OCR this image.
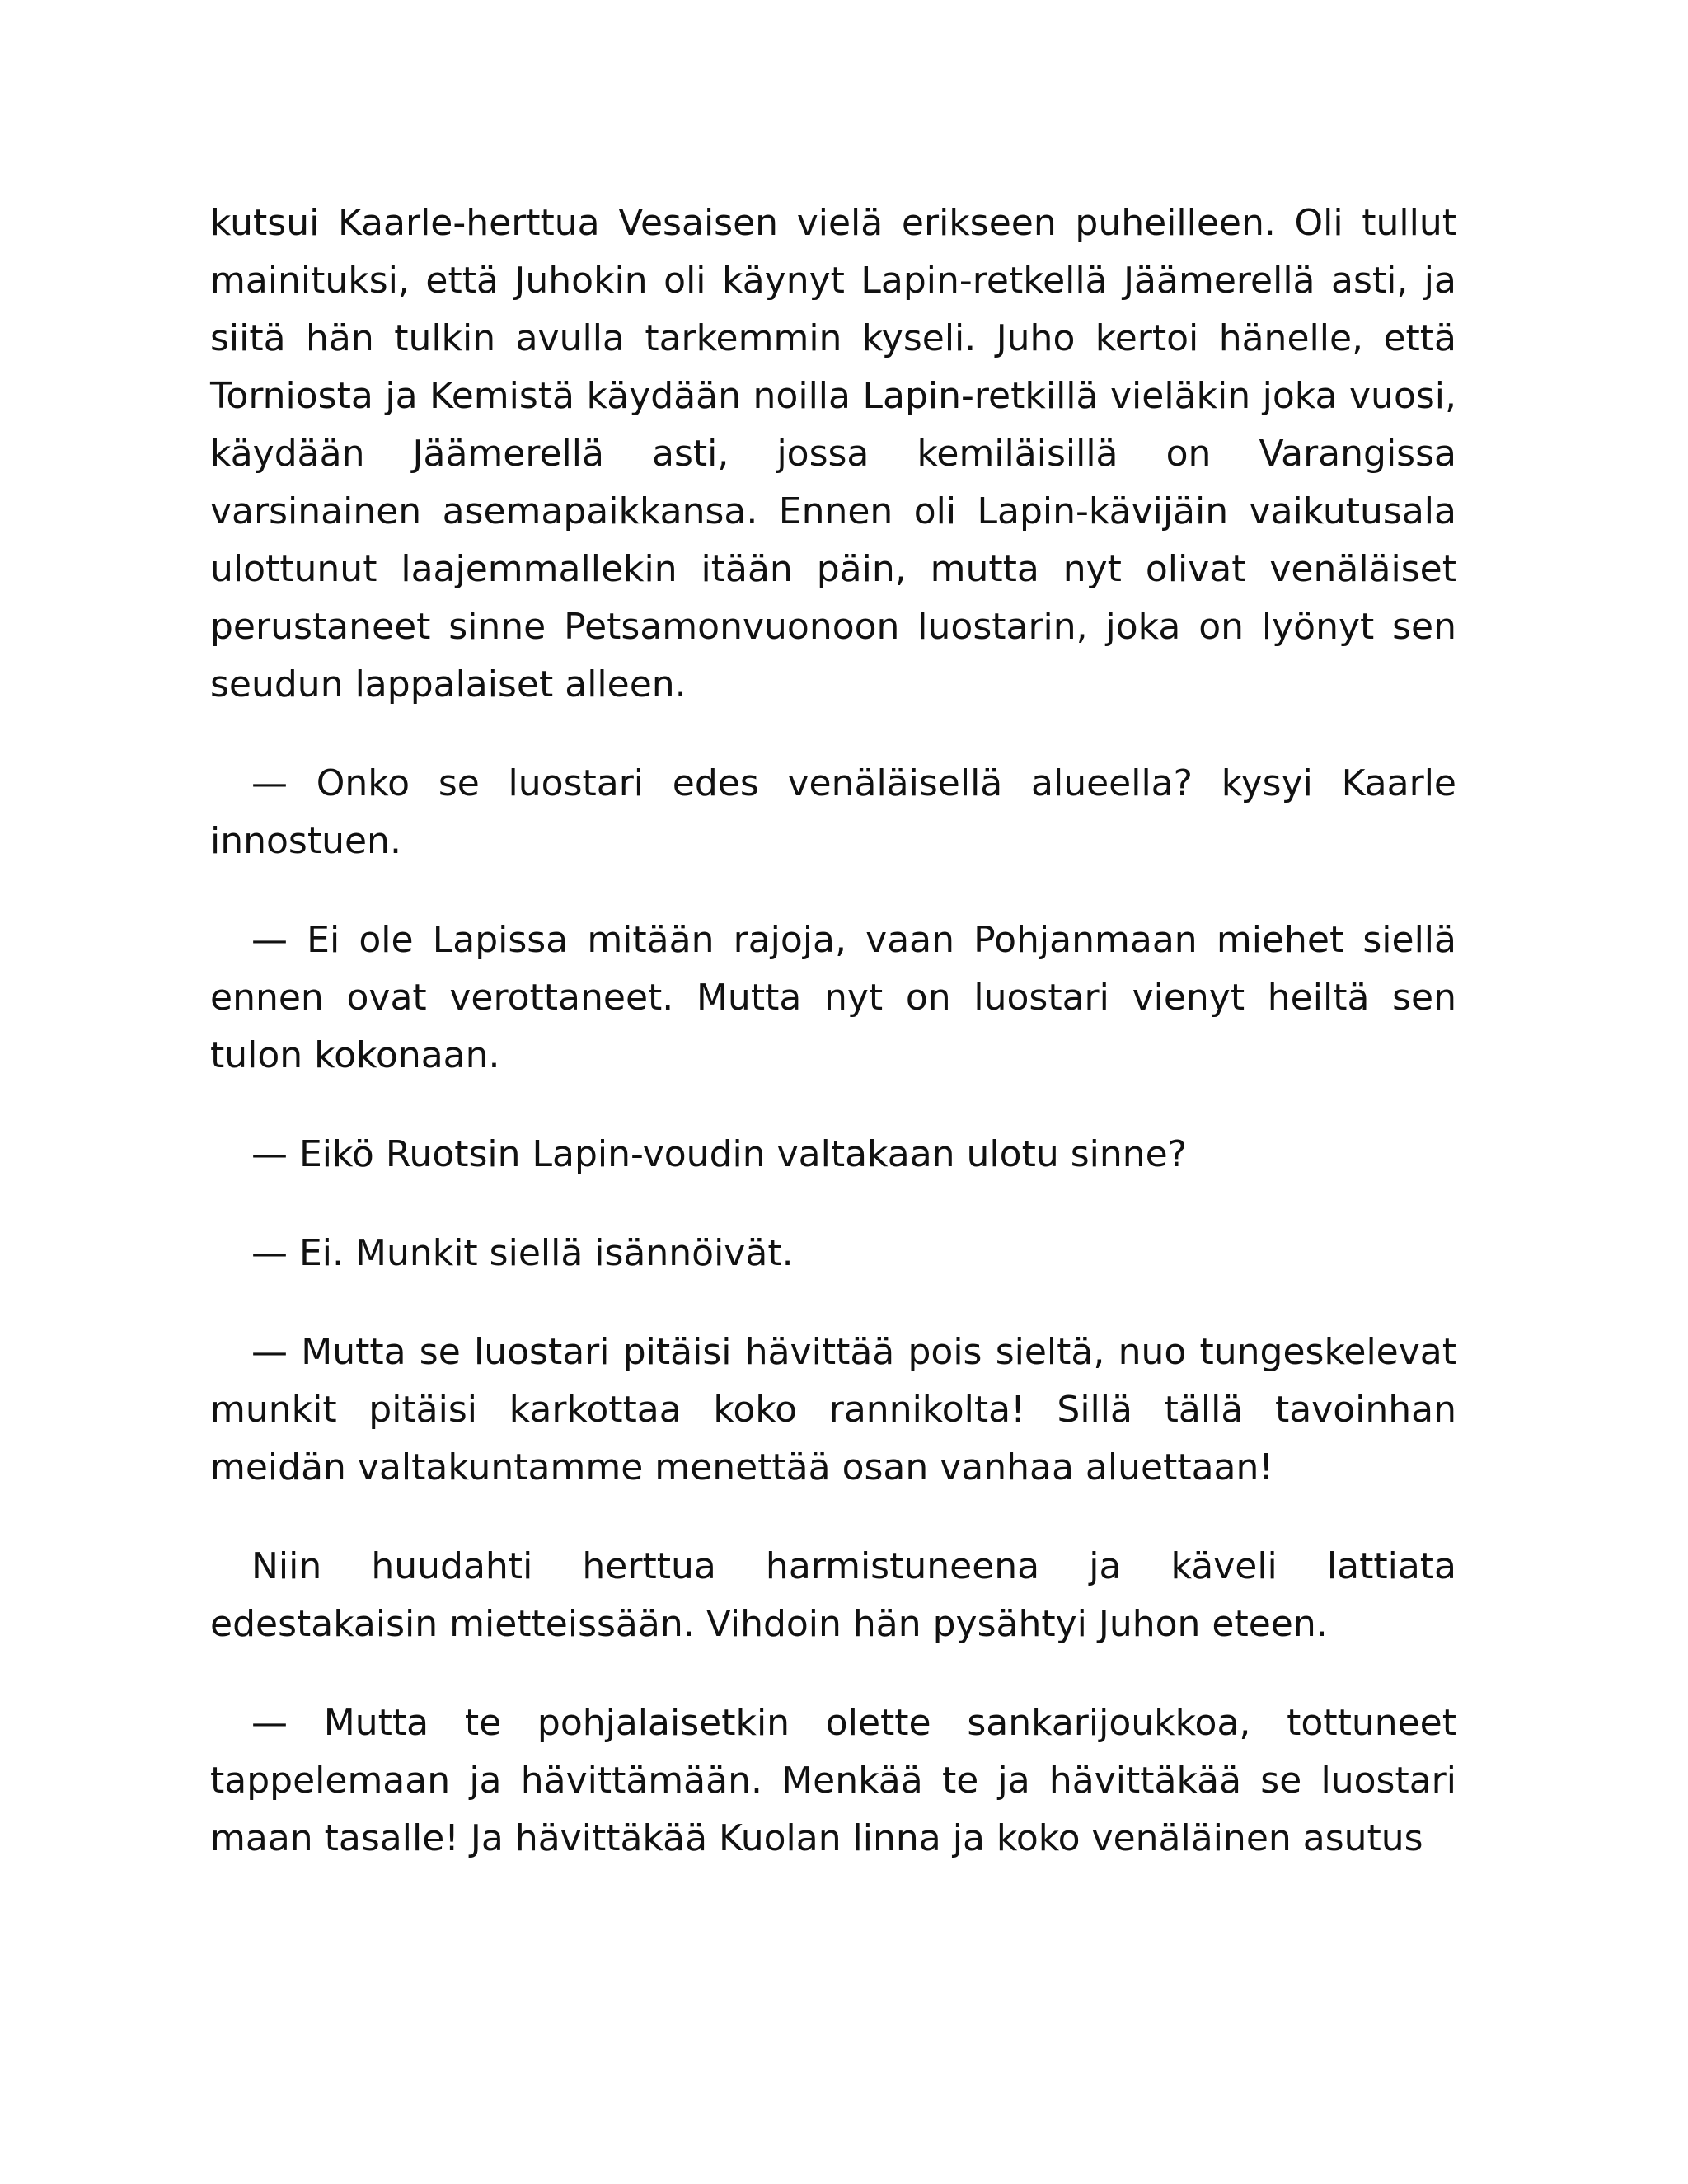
kutsui Kaarle-herttua Vesaisen vielä erikseen puheilleen. Oli tullut mainituksi, että Juhokin oli käynyt Lapin-retkellä Jäämerellä asti, ja siitä hän tulkin avulla tarkemmin kyseli. Juho kertoi hänelle, että Torniosta ja Kemistä käydään noilla Lapin-retkillä vieläkin joka vuosi, käydään Jäämerellä asti, jossa kemiläisillä on Varangissa varsinainen asemapaikkansa. Ennen oli Lapin-kävijäin vaikutusala ulottunut laajemmallekin itään päin, mutta nyt olivat venäläiset perustaneet sinne Petsamonvuonoon luostarin, joka on lyönyt sen seudun lappalaiset alleen.

— Onko se luostari edes venäläisellä alueella? kysyi Kaarle innostuen.

— Ei ole Lapissa mitään rajoja, vaan Pohjanmaan miehet siellä ennen ovat verottaneet. Mutta nyt on luostari vienyt heiltä sen tulon kokonaan.

— Eikö Ruotsin Lapin-voudin valtakaan ulotu sinne?

— Ei. Munkit siellä isännöivät.

— Mutta se luostari pitäisi hävittää pois sieltä, nuo tungeskelevat munkit pitäisi karkottaa koko rannikolta! Sillä tällä tavoinhan meidän valtakuntamme menettää osan vanhaa aluettaan!

Niin huudahti herttua harmistuneena ja käveli lattiata edestakaisin mietteissään. Vihdoin hän pysähtyi Juhon eteen.

— Mutta te pohjalaisetkin olette sankarijoukkoa, tottuneet tappelemaan ja hävittämään. Menkää te ja hävittäkää se luostari maan tasalle! Ja hävittäkää Kuolan linna ja koko venäläinen asutus
